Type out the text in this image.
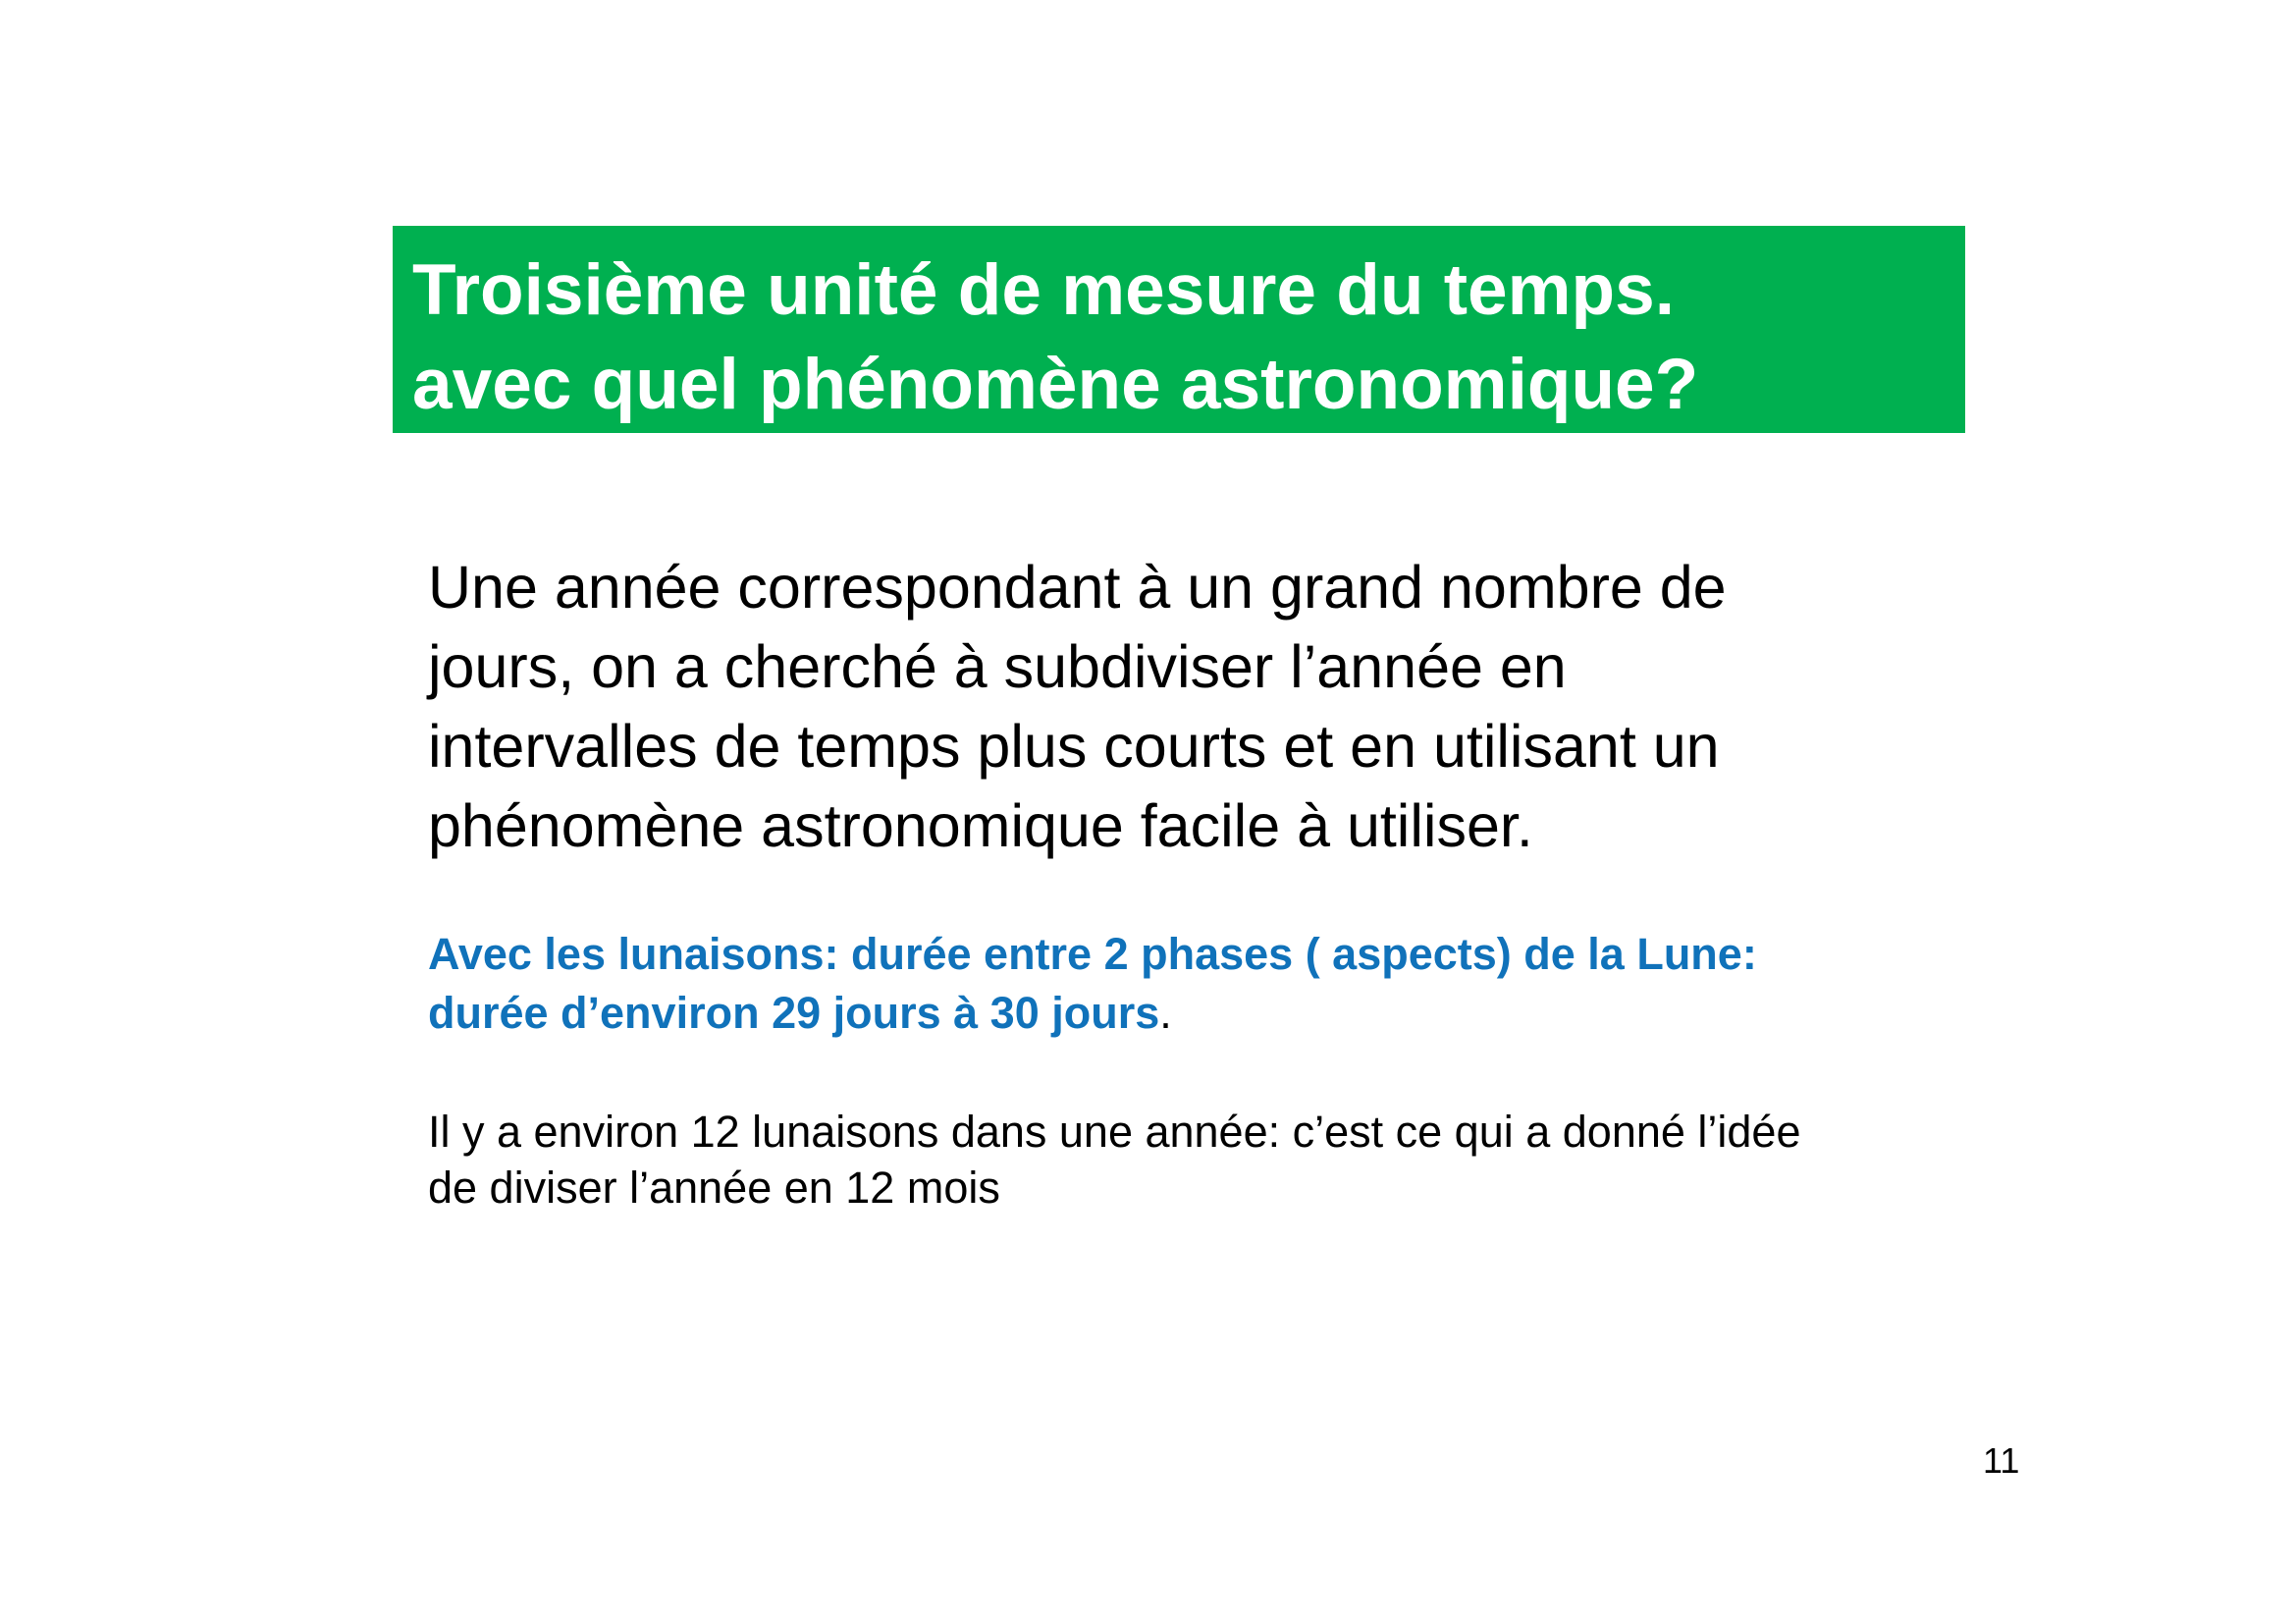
Troisième unité de mesure du temps.
avec quel phénomène astronomique?
Une année correspondant à un grand nombre de
jours, on a cherché à subdiviser l’année en
intervalles de temps plus courts et en utilisant un
phénomène astronomique facile à utiliser.
Avec les lunaisons: durée entre 2 phases ( aspects) de la Lune:
durée d’environ 29 jours à 30 jours.
Il y a environ 12 lunaisons dans une année: c’est ce qui a donné l’idée
de diviser l’année en 12 mois
11
